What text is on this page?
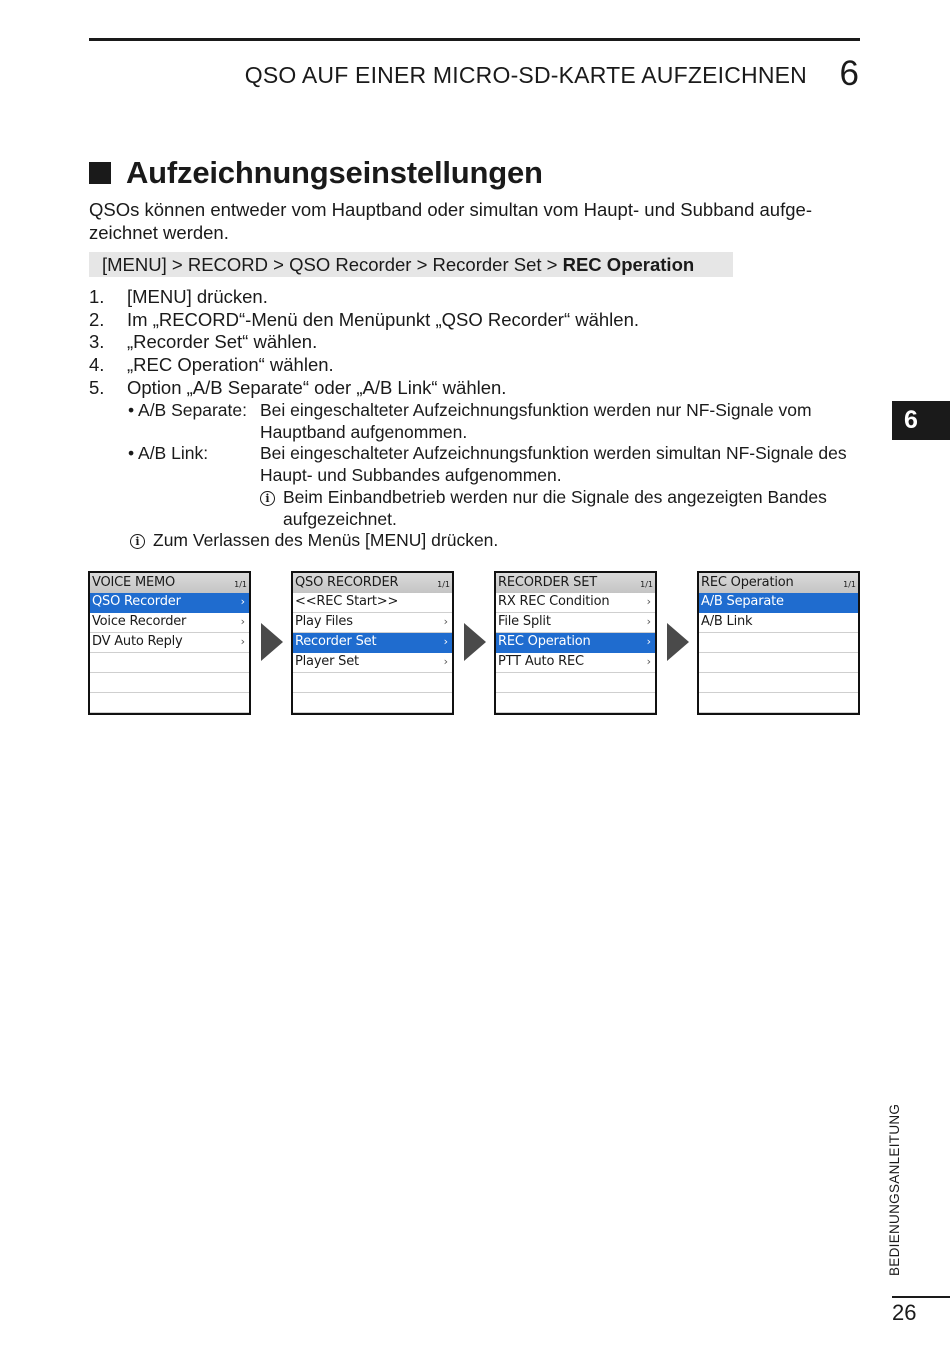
QSO AUF EINER MICRO-SD-KARTE AUFZEICHNEN 6
Aufzeichnungseinstellungen
QSOs können entweder vom Hauptband oder simultan vom Haupt- und Subband aufgezeichnet werden.
[MENU] > RECORD > QSO Recorder > Recorder Set > REC Operation
1.	[MENU] drücken.
2.	Im „RECORD“-Menü den Menüpunkt „QSO Recorder“ wählen.
3.	„Recorder Set“ wählen.
4.	„REC Operation“ wählen.
5.	Option „A/B Separate“ oder „A/B Link“ wählen.
• A/B Separate: Bei eingeschalteter Aufzeichnungsfunktion werden nur NF-Signale vom Hauptband aufgenommen.
• A/B Link:	Bei eingeschalteter Aufzeichnungsfunktion werden simultan NF-Signale des Haupt- und Subbandes aufgenommen.
i Beim Einbandbetrieb werden nur die Signale des angezeigten Bandes aufgezeichnet.
i Zum Verlassen des Menüs [MENU] drücken.
6
VOICE MEMO	1/1
QSO Recorder	›
Voice Recorder	›
DV Auto Reply	›
QSO RECORDER	1/1
<<REC Start>>
Play Files	›
Recorder Set	›
Player Set	›
RECORDER SET	1/1
RX REC Condition	›
File Split	›
REC Operation	›
PTT Auto REC	›
REC Operation	1/1
A/B Separate
A/B Link
BEDIENUNGSANLEITUNG
26
